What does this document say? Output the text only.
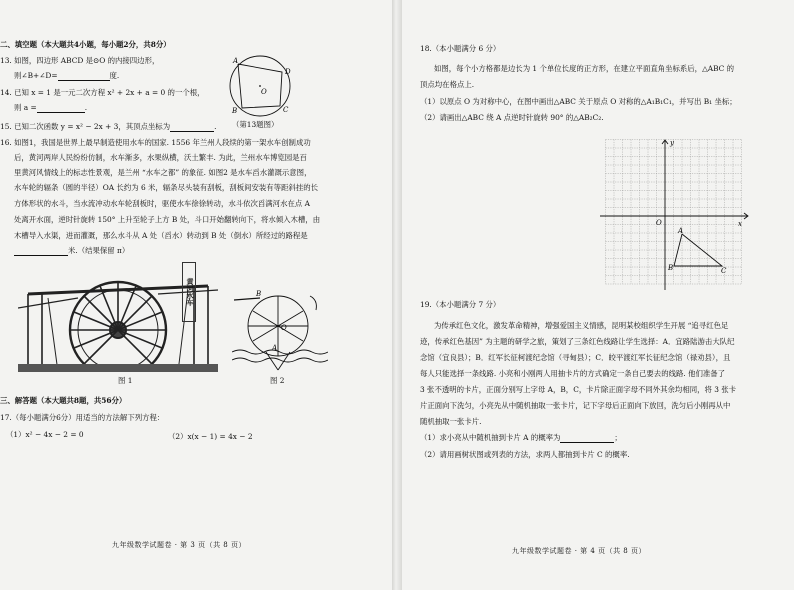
二、填空题（本大题共4小题，每小题2分，共8分）
13. 如图，四边形 ABCD 是⊙O 的内接四边形，
则∠B+∠D=	度.
14. 已知 x = 1 是一元二次方程 x² + 2x + a = 0 的一个根，
则 a =	.
15. 已知二次函数 y = x² − 2x + 3，其顶点坐标为	.
A
D
C
B
O
（第13题图）
16. 如图1，我国是世界上最早制造使用水车的国家. 1556 年兰州人段续的第一架水车创制成功
后，黄河两岸人民纷纷仿制，水车渐多，水果纵横，沃土繁丰. 为此，兰州水车博览园是百
里黄河风情线上的标志性景观，是兰州 “水车之都” 的象征. 如图2 是水车舀水灌溉示意图，
水车轮的辐条（圆的半径）OA 长约为 6 米，辐条尽头装有刮板，刮板间安装有等距斜挂的长
方体形状的水斗，当水流冲动水车轮刮板时，驱使水车徐徐转动，水斗依次舀满河水在点 A
处离开水面，逆时针旋转 150° 上升至轮子上方 B 处，斗口开始翻转向下，将水倾入木槽，由
木槽导入水渠，进而灌溉，那么水斗从 A 处（舀水）转动到 B 处（倒水）所经过的路程是
米.（结果保留 π）
黄河水车
图 1
O
B
A
图 2
三、解答题（本大题共8题，共56分）
17.（每小题满分6分）用适当的方法解下列方程：
（1）x² − 4x − 2 = 0	（2）x(x − 1) = 4x − 2
九年级数学试题卷 · 第 3 页（共 8 页）
18.（本小题满分 6 分）
如图，每个小方格都是边长为 1 个单位长度的正方形，在建立平面直角坐标系后，△ABC 的
顶点均在格点上.
（1）以原点 O 为对称中心，在图中画出△ABC 关于原点 O 对称的△A₁B₁C₁，并写出 B₁ 坐标；
（2）请画出△ABC 绕 A 点逆时针旋转 90° 的△AB₂C₂.
x
y
O
A
B	C
19.（本小题满分 7 分）
为传承红色文化，激发革命精神，增强爱国主义情感，昆明某校组织学生开展 “追寻红色足
迹，传承红色基因” 为主题的研学之旅，策划了三条红色线路让学生选择：A．宜路陆游击大队纪
念馆（宜良县）；B．红军长征柯渡纪念馆（寻甸县）；C．皎平渡红军长征纪念馆（禄劝县），且
每人只能选择一条线路. 小亮和小刚两人用抽卡片的方式确定一条自己要去的线路. 他们准备了
3 张不透明的卡片，正面分别写上字母 A，B，C，卡片除正面字母不同外其余均相同，将 3 张卡
片正面向下洗匀，小亮先从中随机抽取一张卡片，记下字母后正面向下放回，洗匀后小刚再从中
随机抽取一张卡片.
（1）求小亮从中随机抽到卡片 A 的概率为	；
（2）请用画树状图或列表的方法，求两人都抽到卡片 C 的概率.
九年级数学试题卷 · 第 4 页（共 8 页）
